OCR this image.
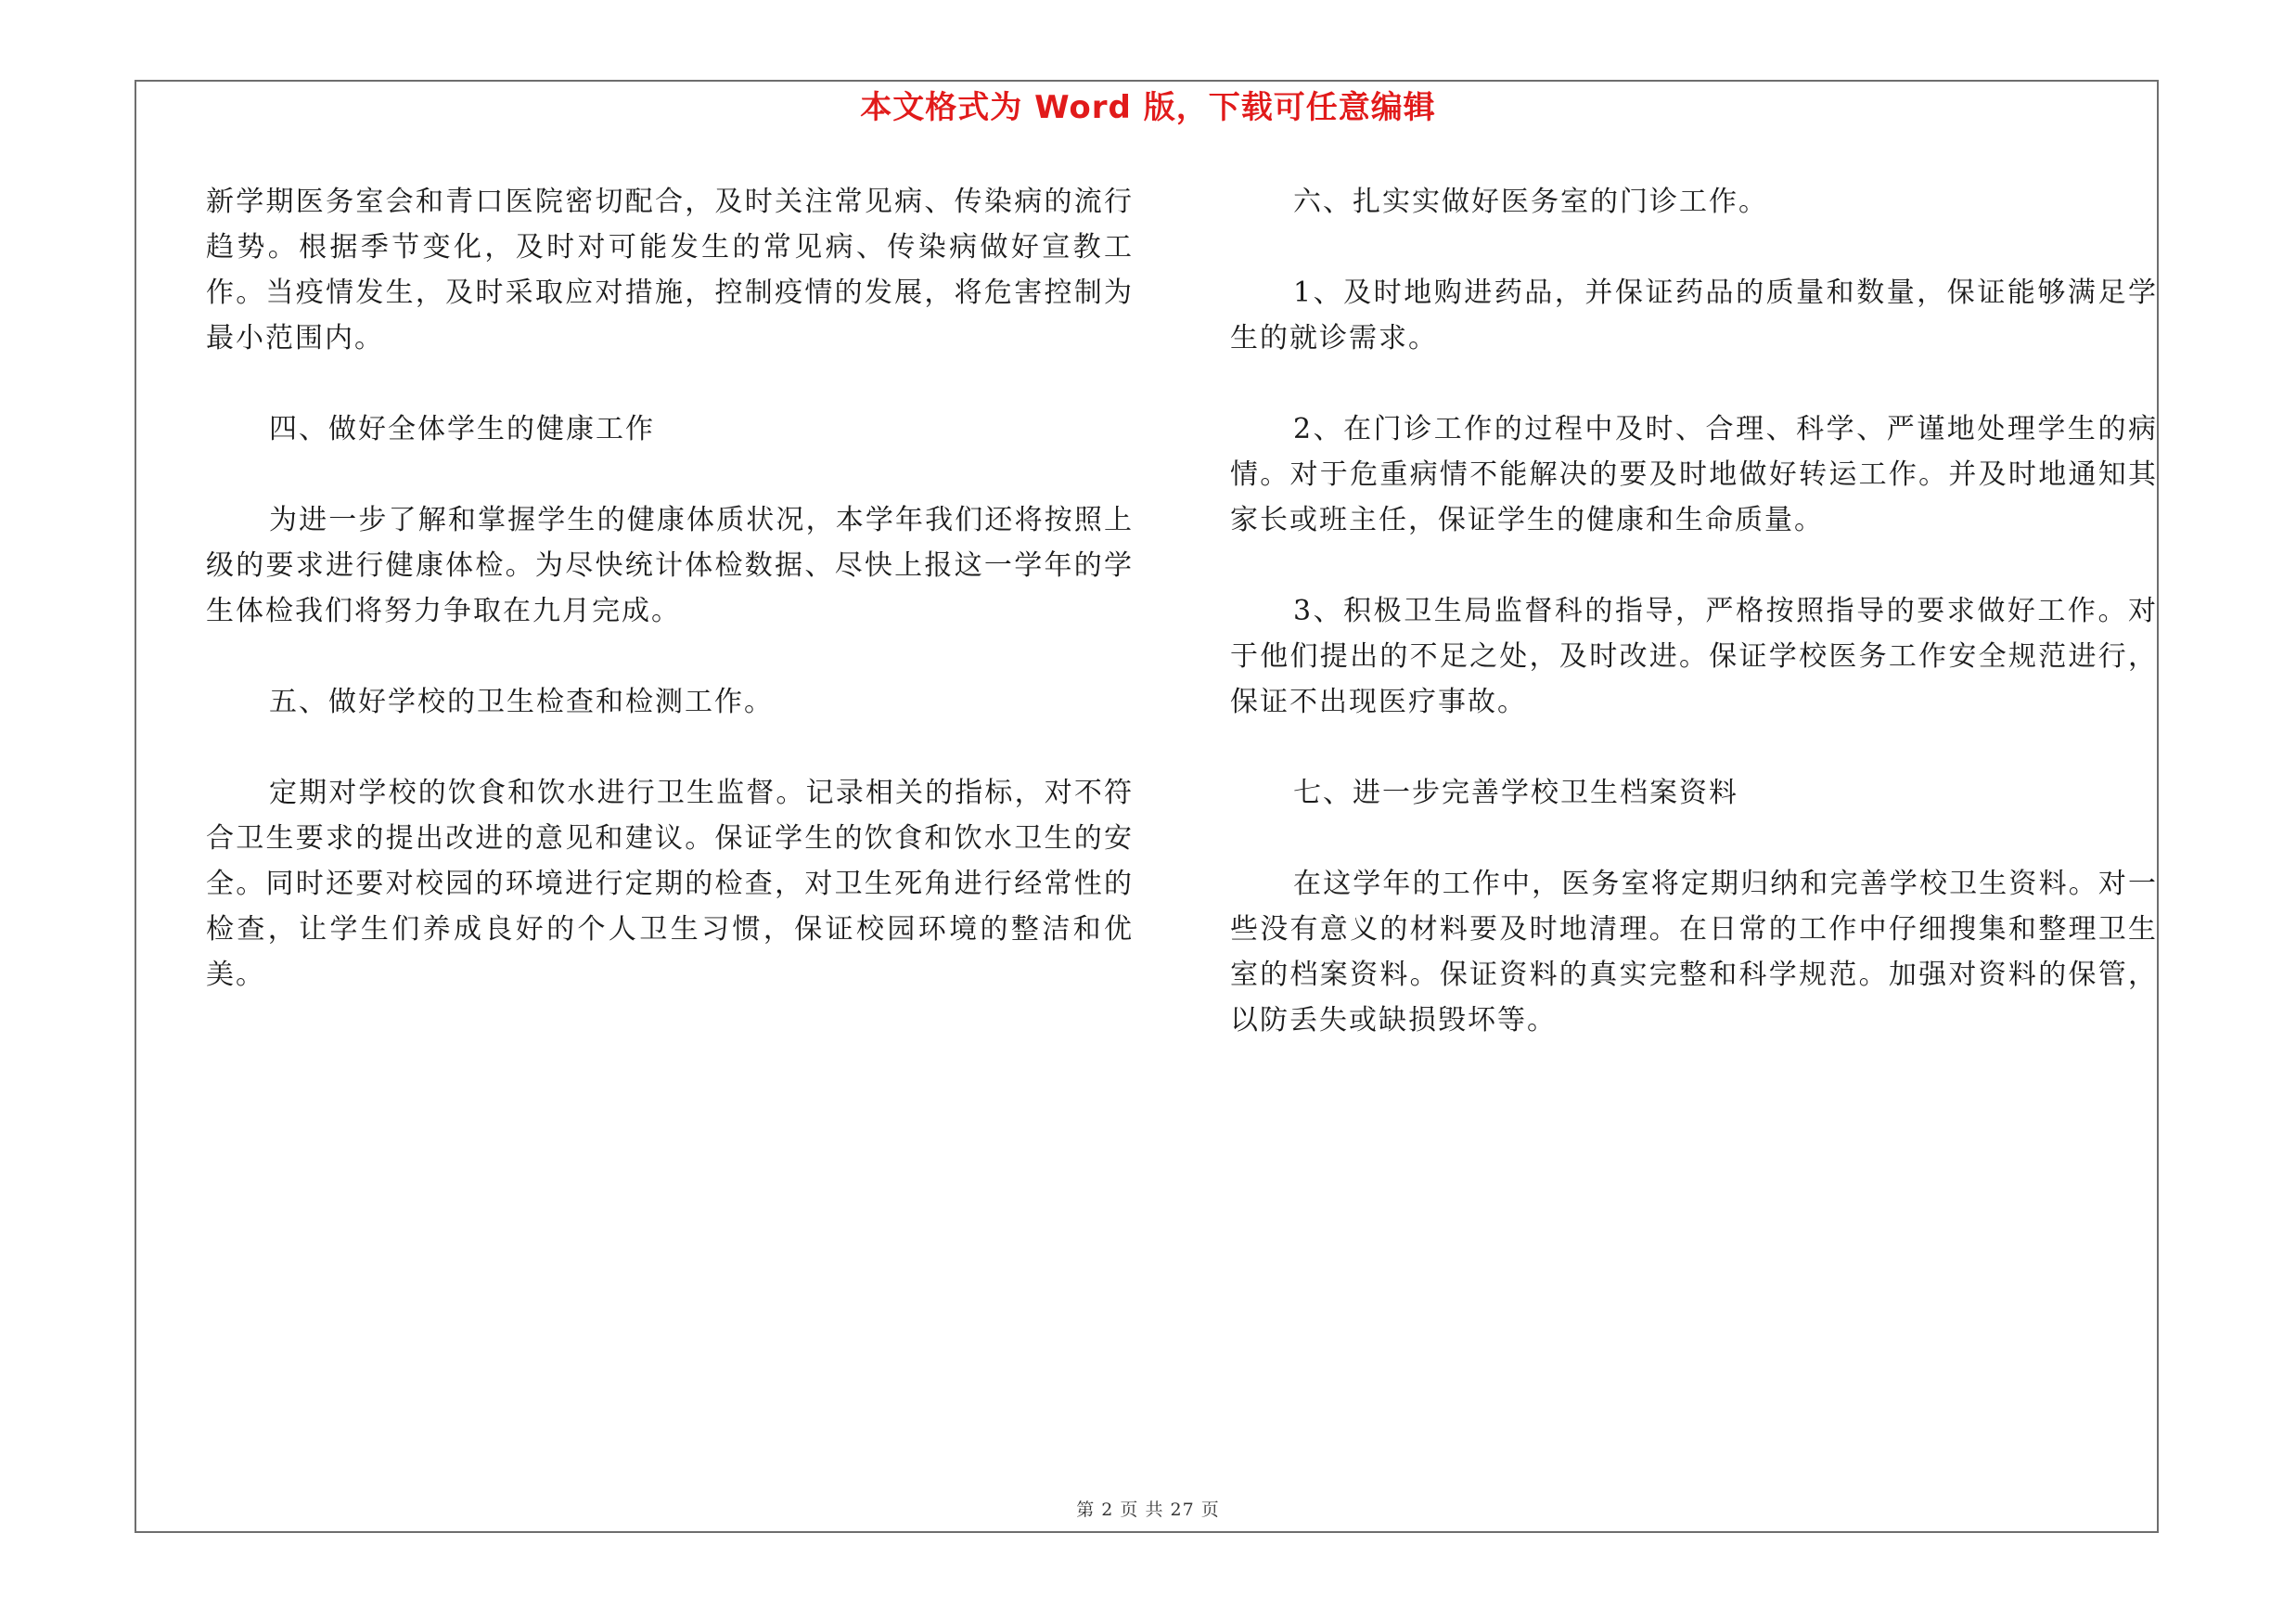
本文格式为 Word 版，下载可任意编辑

新学期医务室会和青口医院密切配合，及时关注常见病、传染病的流行趋势。根据季节变化，及时对可能发生的常见病、传染病做好宣教工作。当疫情发生，及时采取应对措施，控制疫情的发展，将危害控制为最小范围内。

四、做好全体学生的健康工作

为进一步了解和掌握学生的健康体质状况，本学年我们还将按照上级的要求进行健康体检。为尽快统计体检数据、尽快上报这一学年的学生体检我们将努力争取在九月完成。

五、做好学校的卫生检查和检测工作。

定期对学校的饮食和饮水进行卫生监督。记录相关的指标，对不符合卫生要求的提出改进的意见和建议。保证学生的饮食和饮水卫生的安全。同时还要对校园的环境进行定期的检查，对卫生死角进行经常性的检查，让学生们养成良好的个人卫生习惯，保证校园环境的整洁和优美。

六、扎实实做好医务室的门诊工作。

1、及时地购进药品，并保证药品的质量和数量，保证能够满足学生的就诊需求。

2、在门诊工作的过程中及时、合理、科学、严谨地处理学生的病情。对于危重病情不能解决的要及时地做好转运工作。并及时地通知其家长或班主任，保证学生的健康和生命质量。

3、积极卫生局监督科的指导，严格按照指导的要求做好工作。对于他们提出的不足之处，及时改进。保证学校医务工作安全规范进行，保证不出现医疗事故。

七、进一步完善学校卫生档案资料

在这学年的工作中，医务室将定期归纳和完善学校卫生资料。对一些没有意义的材料要及时地清理。在日常的工作中仔细搜集和整理卫生室的档案资料。保证资料的真实完整和科学规范。加强对资料的保管，以防丢失或缺损毁坏等。

第 2 页 共 27 页
